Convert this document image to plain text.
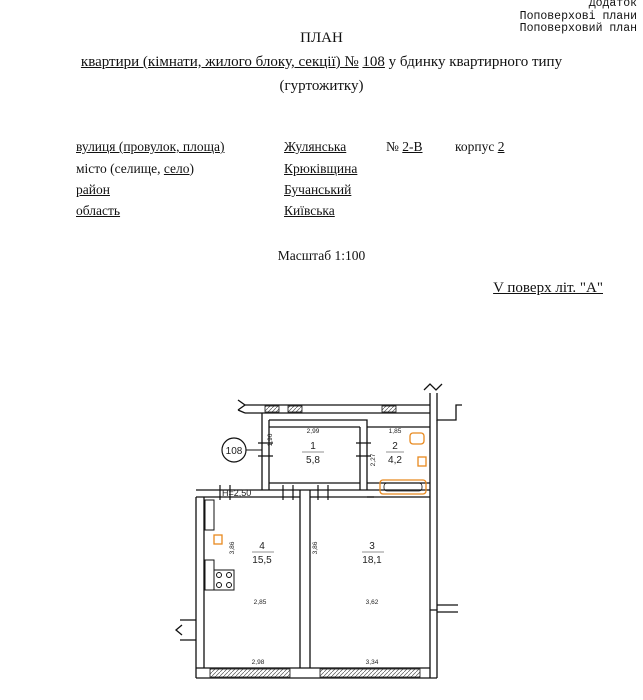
Додаток
Поповерхові плани
Поповерховий план
ПЛАН
квартири (кімнати, жилого блоку, секції) № 108 у бдинку квартирного типу
(гуртожитку)
вулиця (провулок, площа)	Жулянська	№ 2-В корпус 2
місто (селище, село)	Крюківщина
район	Бучанський
область	Київська
Масштаб 1:100
V поверх літ. "А"
108	1
5,8
2
4,2
3
18,1
4
15,5
H=2,50
2,99
1,96
1,85
2,27
3,86
2,85
3,86
3,62
2,98	3,34
